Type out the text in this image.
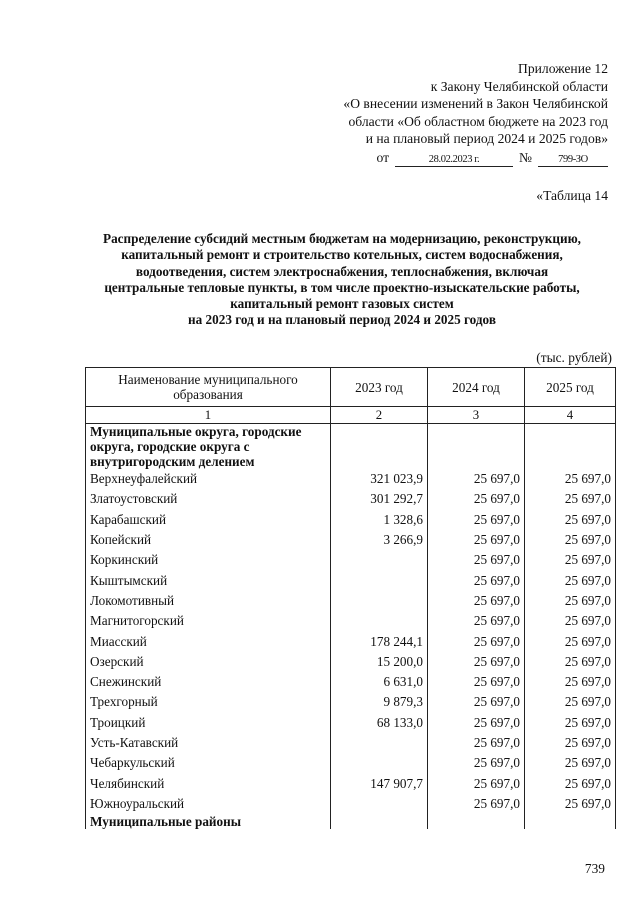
Приложение 12
к Закону Челябинской области
«О внесении изменений в Закон Челябинской
области «Об областном бюджете на 2023 год
и на плановый период 2024 и 2025 годов»
от	28.02.2023 г.	№	799-ЗО
«Таблица 14
Распределение субсидий местным бюджетам на модернизацию, реконструкцию,
капитальный ремонт и строительство котельных, систем водоснабжения,
водоотведения, систем электроснабжения, теплоснабжения, включая
центральные тепловые пункты, в том числе проектно-изыскательские работы,
капитальный ремонт газовых систем
на 2023 год и на плановый период 2024 и 2025 годов
(тыс. рублей)
Наименование муниципального образования	2023 год	2024 год	2025 год
1	2	3	4
Муниципальные округа, городские округа, городские округа с внутригородским делением			
Верхнеуфалейский	321 023,9	25 697,0	25 697,0
Златоустовский	301 292,7	25 697,0	25 697,0
Карабашский	1 328,6	25 697,0	25 697,0
Копейский	3 266,9	25 697,0	25 697,0
Коркинский		25 697,0	25 697,0
Кыштымский		25 697,0	25 697,0
Локомотивный		25 697,0	25 697,0
Магнитогорский		25 697,0	25 697,0
Миасский	178 244,1	25 697,0	25 697,0
Озерский	15 200,0	25 697,0	25 697,0
Снежинский	6 631,0	25 697,0	25 697,0
Трехгорный	9 879,3	25 697,0	25 697,0
Троицкий	68 133,0	25 697,0	25 697,0
Усть-Катавский		25 697,0	25 697,0
Чебаркульский		25 697,0	25 697,0
Челябинский	147 907,7	25 697,0	25 697,0
Южноуральский		25 697,0	25 697,0
Муниципальные районы			
739
